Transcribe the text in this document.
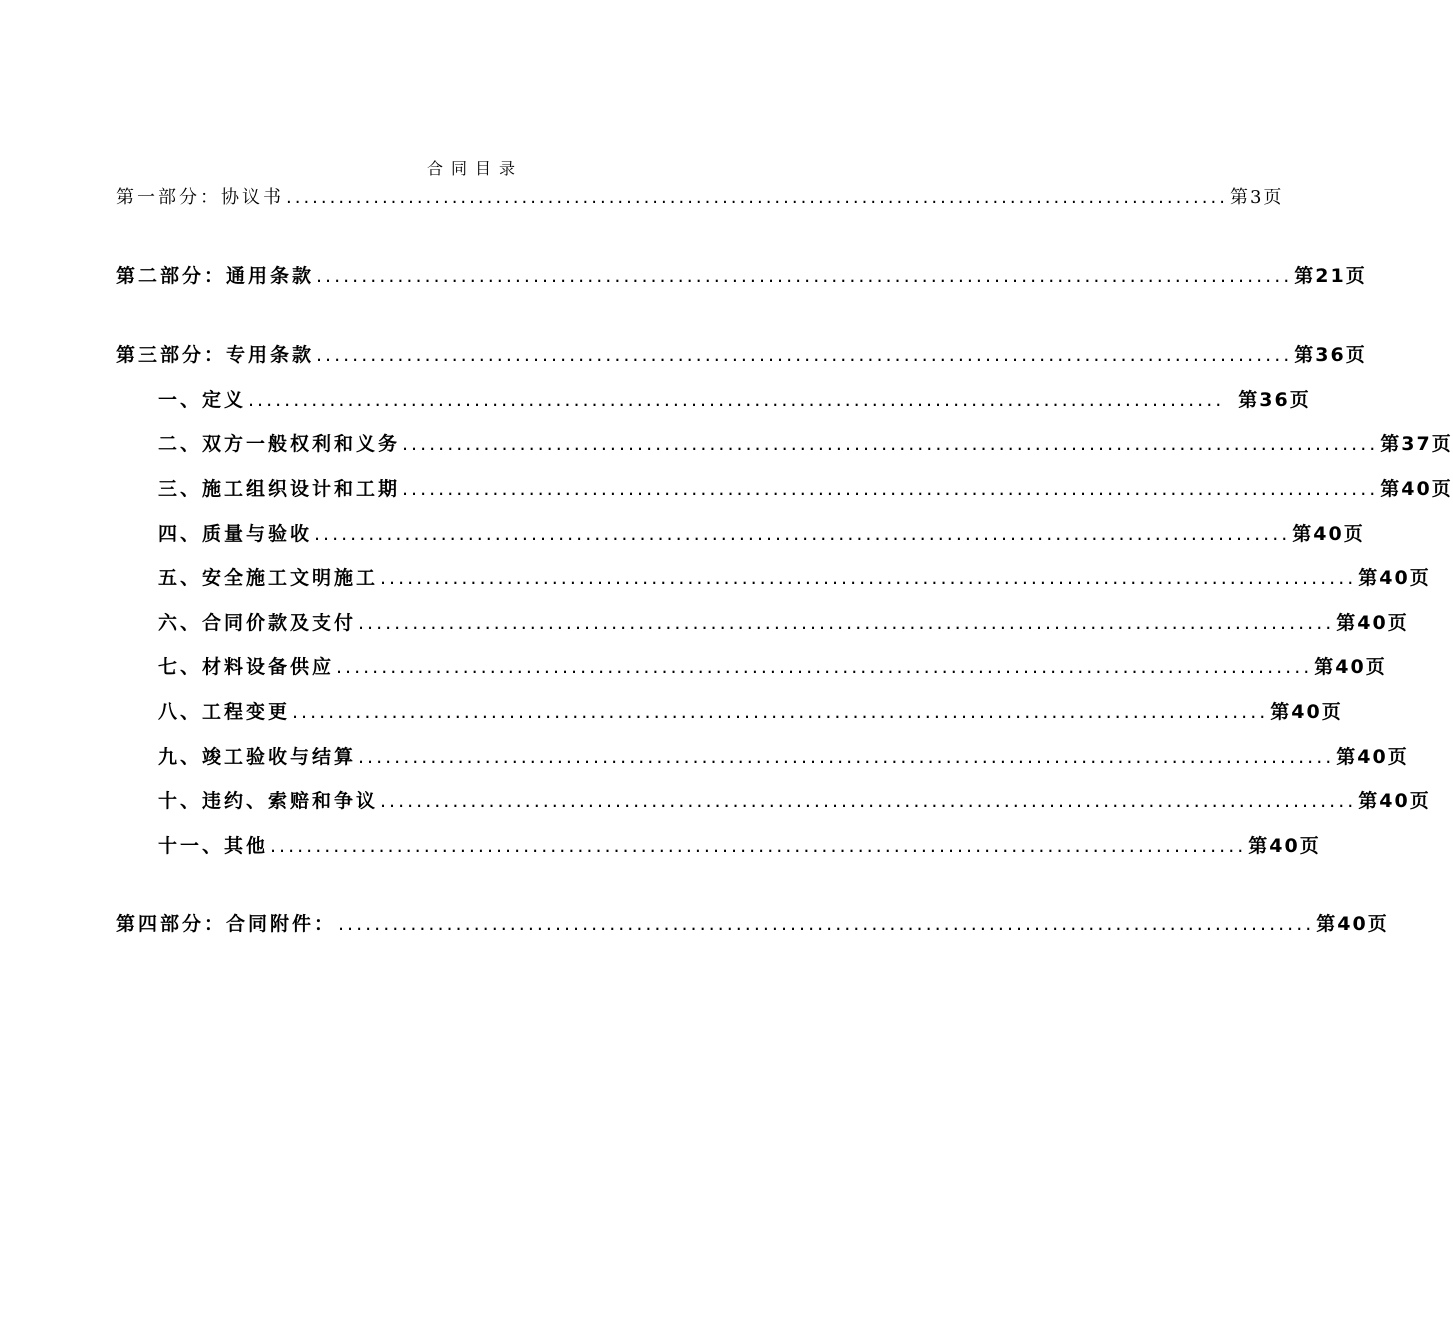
合同目录
第一部分：协议书 ............................................................................................................ 第3页
第二部分：通用条款 ............................................................................................................ 第21页
第三部分：专用条款 ............................................................................................................ 第36页
一、定义 ............................................................................................................ 第36页
二、双方一般权利和义务 ............................................................................................................ 第37页
三、施工组织设计和工期 ............................................................................................................ 第40页
四、质量与验收 ............................................................................................................ 第40页
五、安全施工文明施工 ............................................................................................................ 第40页
六、合同价款及支付 ............................................................................................................ 第40页
七、材料设备供应 ............................................................................................................ 第40页
八、工程变更 ............................................................................................................ 第40页
九、竣工验收与结算 ............................................................................................................ 第40页
十、违约、索赔和争议 ............................................................................................................ 第40页
十一、其他 ............................................................................................................ 第40页
第四部分：合同附件： ............................................................................................................ 第40页
